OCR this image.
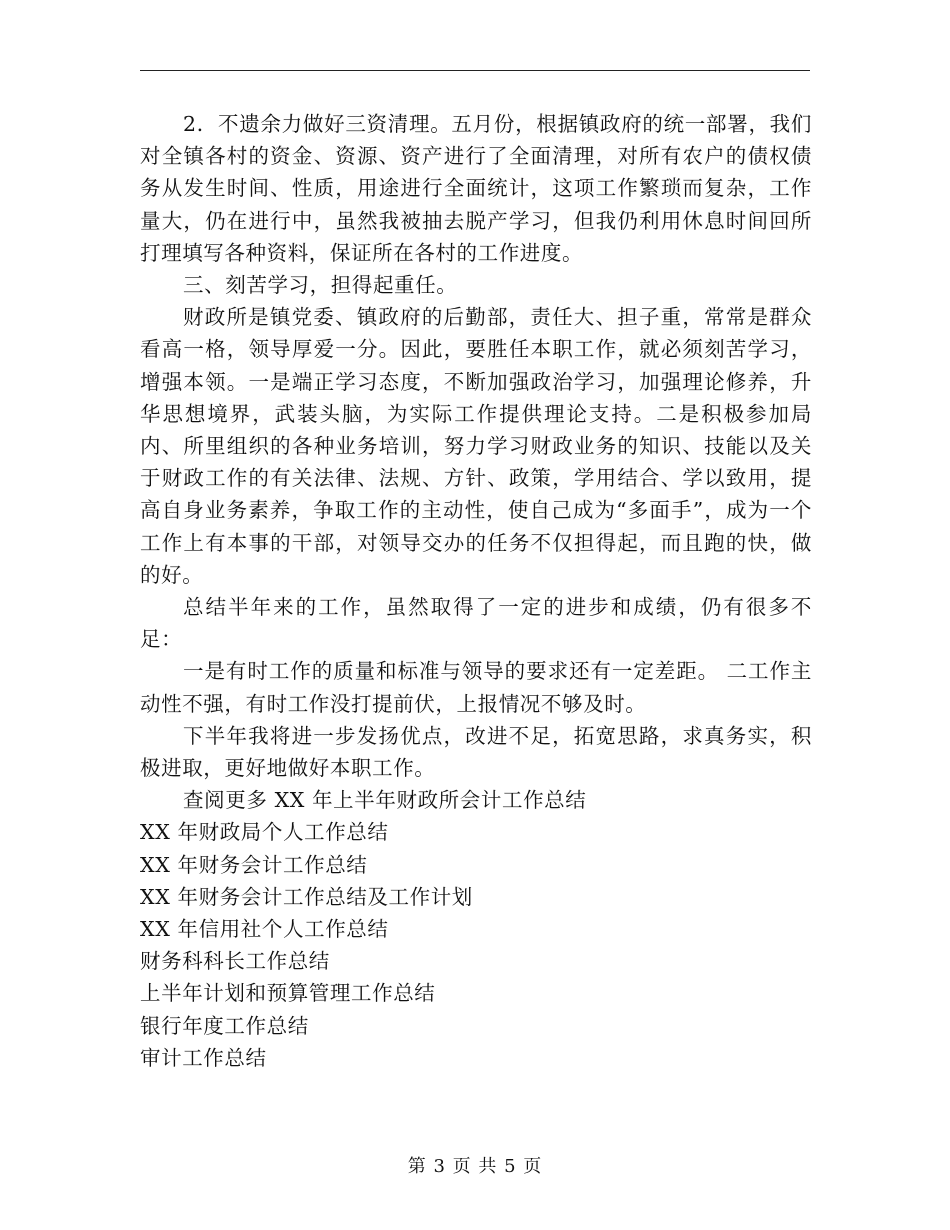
2．不遗余力做好三资清理。五月份，根据镇政府的统一部署，我们对全镇各村的资金、资源、资产进行了全面清理，对所有农户的债权债务从发生时间、性质，用途进行全面统计，这项工作繁琐而复杂，工作量大，仍在进行中，虽然我被抽去脱产学习，但我仍利用休息时间回所打理填写各种资料，保证所在各村的工作进度。

三、刻苦学习，担得起重任。

财政所是镇党委、镇政府的后勤部，责任大、担子重，常常是群众看高一格，领导厚爱一分。因此，要胜任本职工作，就必须刻苦学习，增强本领。一是端正学习态度，不断加强政治学习，加强理论修养，升华思想境界，武装头脑，为实际工作提供理论支持。二是积极参加局内、所里组织的各种业务培训，努力学习财政业务的知识、技能以及关于财政工作的有关法律、法规、方针、政策，学用结合、学以致用，提高自身业务素养，争取工作的主动性，使自己成为“多面手”，成为一个工作上有本事的干部，对领导交办的任务不仅担得起，而且跑的快，做的好。

总结半年来的工作，虽然取得了一定的进步和成绩，仍有很多不足：

一是有时工作的质量和标准与领导的要求还有一定差距。 二工作主动性不强，有时工作没打提前伏，上报情况不够及时。

下半年我将进一步发扬优点，改进不足，拓宽思路，求真务实，积极进取，更好地做好本职工作。

查阅更多 XX 年上半年财政所会计工作总结
XX 年财政局个人工作总结
XX 年财务会计工作总结
XX 年财务会计工作总结及工作计划
XX 年信用社个人工作总结
财务科科长工作总结
上半年计划和预算管理工作总结
银行年度工作总结
审计工作总结
第 3 页 共 5 页
